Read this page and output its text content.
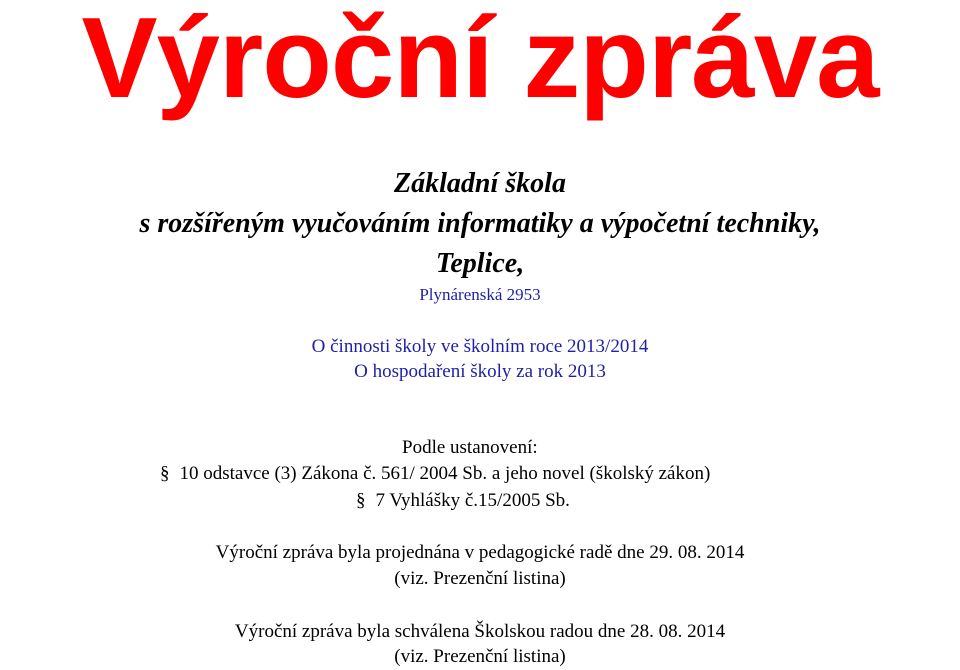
Výroční zpráva
Základní škola
s rozšířeným vyučováním informatiky a výpočetní techniky,
Teplice,
Plynárenská 2953
O činnosti školy ve školním roce 2013/2014
O hospodaření školy za rok 2013
Podle ustanovení:
§ 10 odstavce (3) Zákona č. 561/ 2004 Sb. a jeho novel (školský zákon)
§ 7 Vyhlášky č.15/2005 Sb.
Výroční zpráva byla projednána v pedagogické radě dne 29. 08. 2014
(viz. Prezenční listina)
Výroční zpráva byla schválena Školskou radou dne 28. 08. 2014
(viz. Prezenční listina)
